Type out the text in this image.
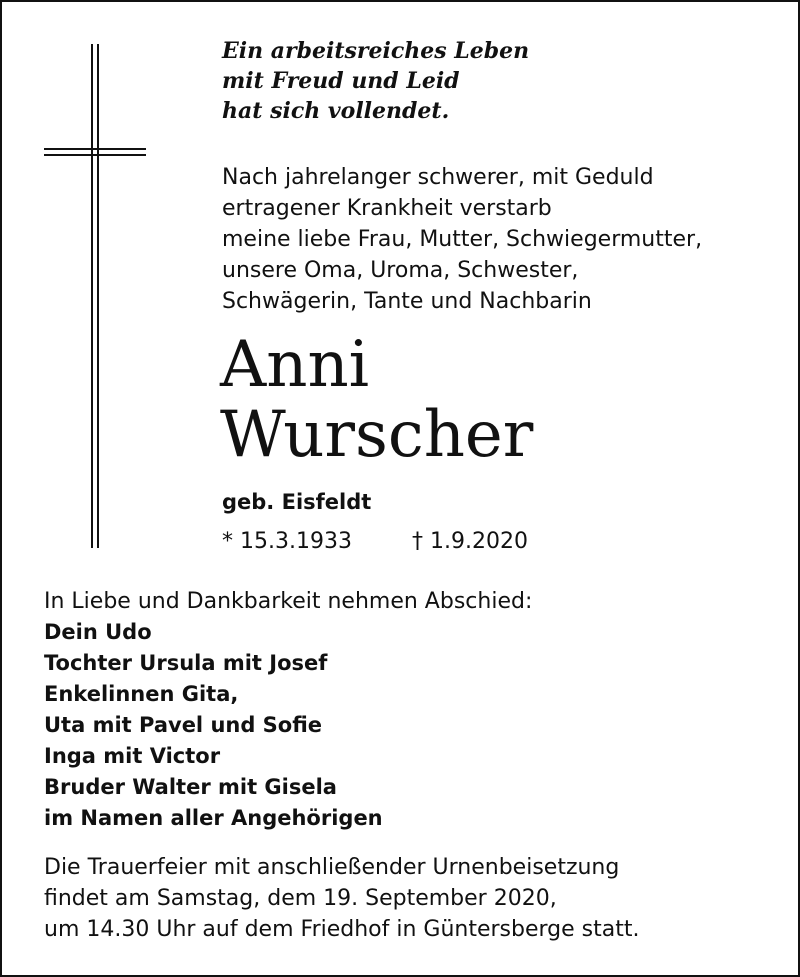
Ein arbeitsreiches Leben
mit Freud und Leid
hat sich vollendet.
Nach jahrelanger schwerer, mit Geduld
ertragener Krankheit verstarb
meine liebe Frau, Mutter, Schwiegermutter,
unsere Oma, Uroma, Schwester,
Schwägerin, Tante und Nachbarin
Anni
Wurscher
geb. Eisfeldt
* 15.3.1933	† 1.9.2020
In Liebe und Dankbarkeit nehmen Abschied:
Dein Udo
Tochter Ursula mit Josef
Enkelinnen Gita,
Uta mit Pavel und Sofie
Inga mit Victor
Bruder Walter mit Gisela
im Namen aller Angehörigen
Die Trauerfeier mit anschließender Urnenbeisetzung
findet am Samstag, dem 19. September 2020,
um 14.30 Uhr auf dem Friedhof in Güntersberge statt.
